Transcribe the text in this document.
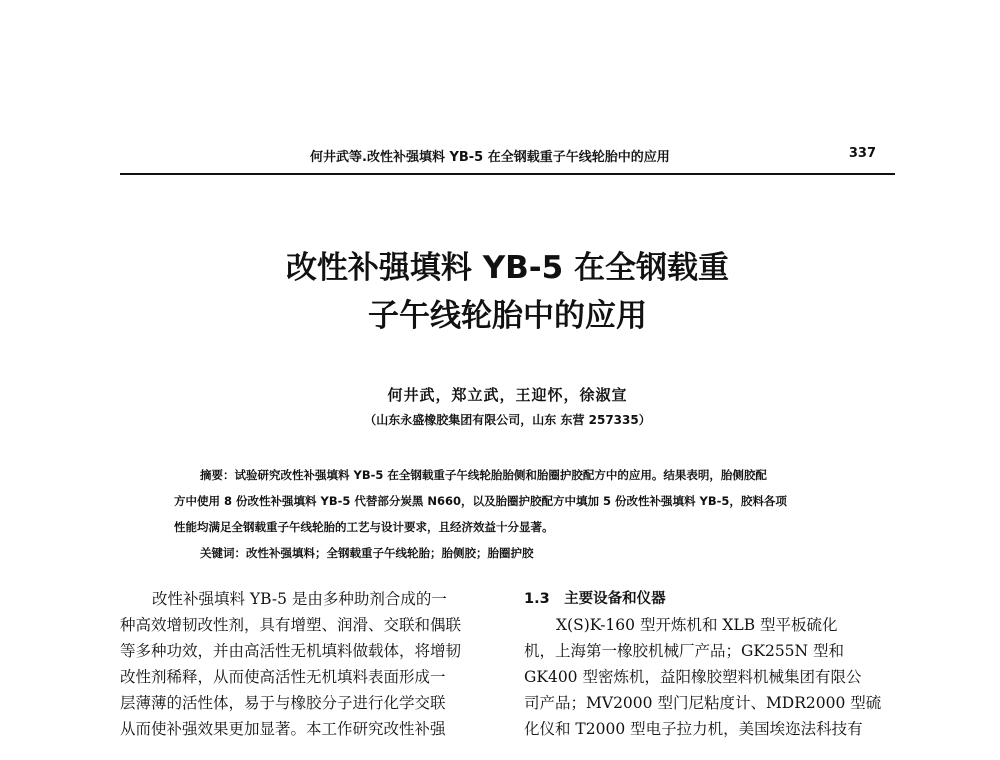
何井武等.改性补强填料 YB-5 在全钢载重子午线轮胎中的应用	337
改性补强填料 YB-5 在全钢载重
子午线轮胎中的应用
何井武，郑立武，王迎怀，徐淑宣
（山东永盛橡胶集团有限公司，山东 东营 257335）
摘要：试验研究改性补强填料 YB-5 在全钢载重子午线轮胎胎侧和胎圈护胶配方中的应用。结果表明，胎侧胶配
方中使用 8 份改性补强填料 YB-5 代替部分炭黑 N660，以及胎圈护胶配方中填加 5 份改性补强填料 YB-5，胶料各项
性能均满足全钢载重子午线轮胎的工艺与设计要求，且经济效益十分显著。
关键词：改性补强填料；全钢载重子午线轮胎；胎侧胶；胎圈护胶
改性补强填料 YB-5 是由多种助剂合成的一
种高效增韧改性剂，具有增塑、润滑、交联和偶联
等多种功效，并由高活性无机填料做载体，将增韧
改性剂稀释，从而使高活性无机填料表面形成一
层薄薄的活性体，易于与橡胶分子进行化学交联
从而使补强效果更加显著。本工作研究改性补强
1.3　主要设备和仪器
X(S)K-160 型开炼机和 XLB 型平板硫化
机，上海第一橡胶机械厂产品；GK255N 型和
GK400 型密炼机，益阳橡胶塑料机械集团有限公
司产品；MV2000 型门尼粘度计、MDR2000 型硫
化仪和 T2000 型电子拉力机，美国埃迩法科技有
